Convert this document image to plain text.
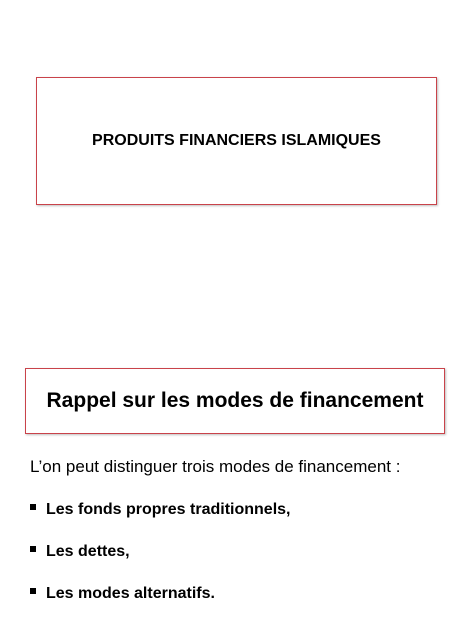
PRODUITS FINANCIERS ISLAMIQUES
Rappel sur les modes de financement
L’on peut distinguer trois modes de financement :
Les fonds propres traditionnels,
Les dettes,
Les modes alternatifs.
